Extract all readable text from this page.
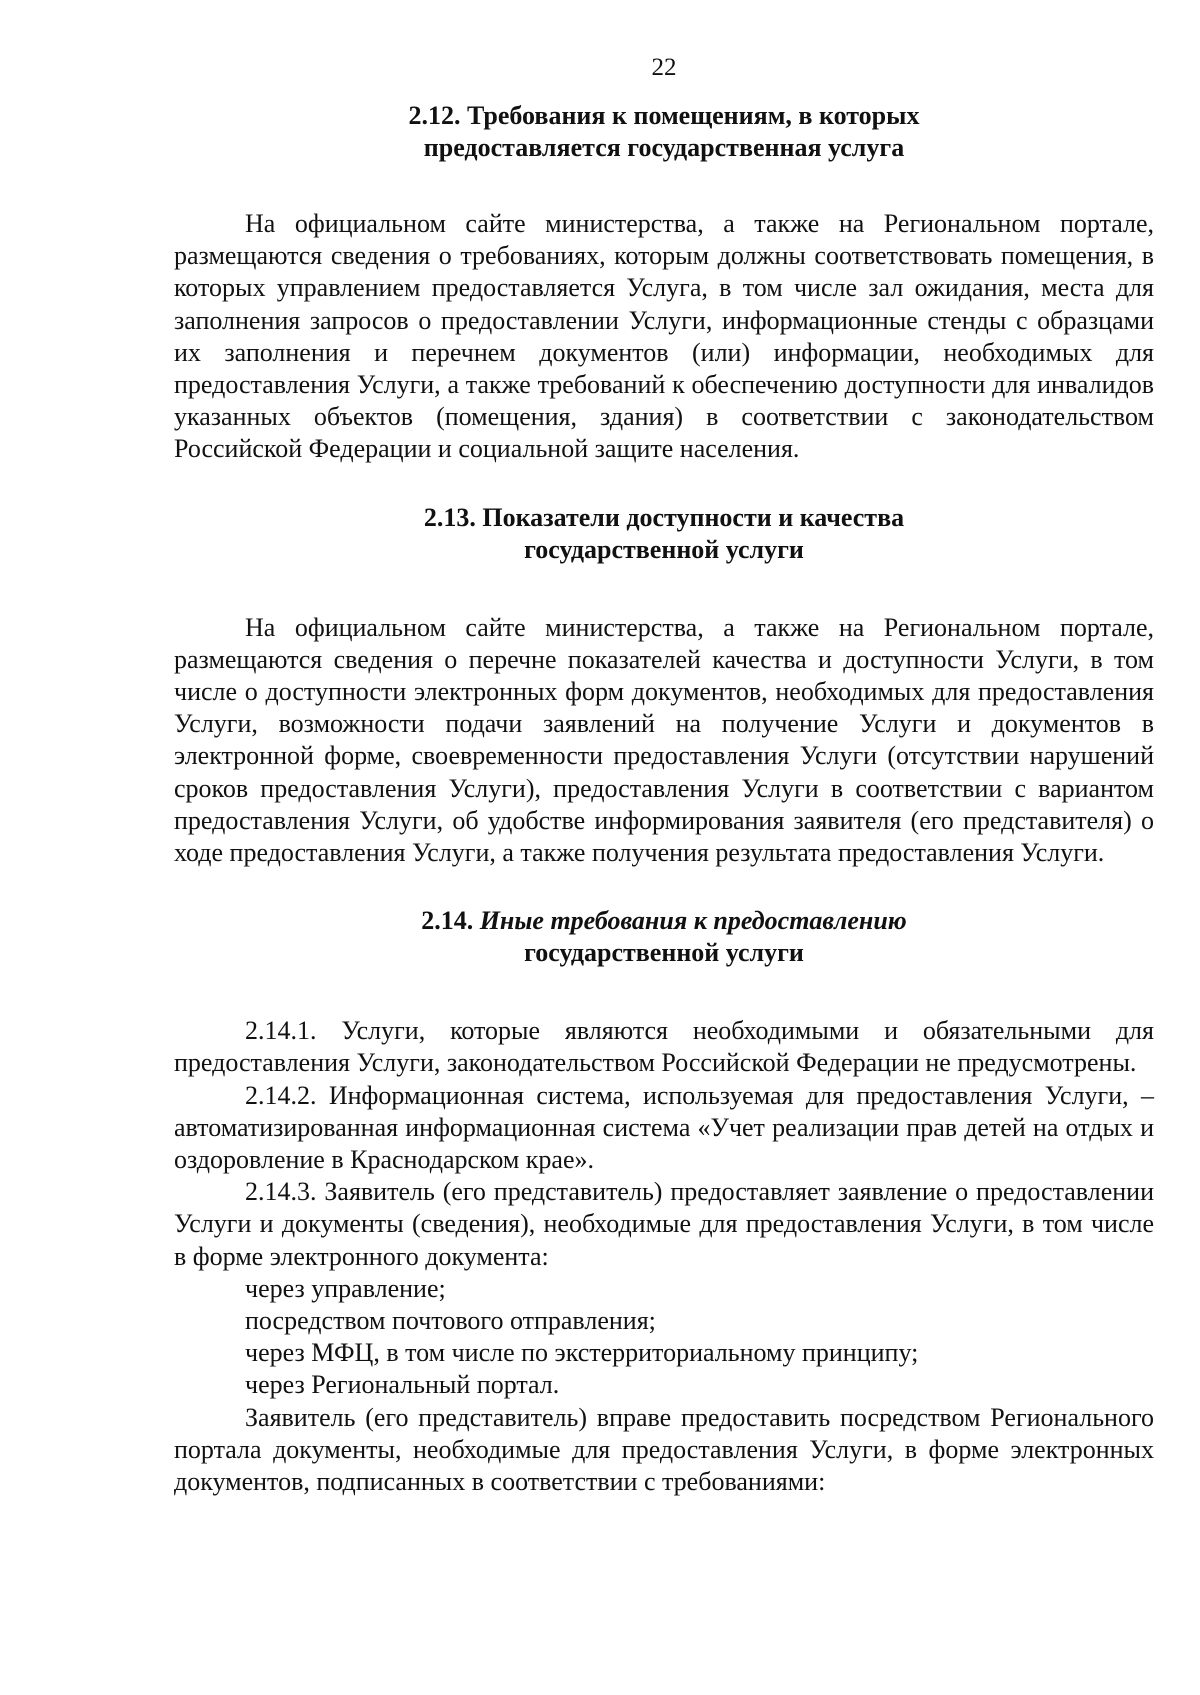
22
2.12. Требования к помещениям, в которых
предоставляется государственная услуга

На официальном сайте министерства, а также на Региональном портале, размещаются сведения о требованиях, которым должны соответствовать помещения, в которых управлением предоставляется Услуга, в том числе зал ожидания, места для заполнения запросов о предоставлении Услуги, информационные стенды с образцами их заполнения и перечнем документов (или) информации, необходимых для предоставления Услуги, а также требований к обеспечению доступности для инвалидов указанных объектов (помещения, здания) в соответствии с законодательством Российской Федерации и социальной защите населения.

2.13. Показатели доступности и качества
государственной услуги

На официальном сайте министерства, а также на Региональном портале, размещаются сведения о перечне показателей качества и доступности Услуги, в том числе о доступности электронных форм документов, необходимых для предоставления Услуги, возможности подачи заявлений на получение Услуги и документов в электронной форме, своевременности предоставления Услуги (отсутствии нарушений сроков предоставления Услуги), предоставления Услуги в соответствии с вариантом предоставления Услуги, об удобстве информирования заявителя (его представителя) о ходе предоставления Услуги, а также получения результата предоставления Услуги.

2.14. Иные требования к предоставлению
государственной услуги

2.14.1. Услуги, которые являются необходимыми и обязательными для предоставления Услуги, законодательством Российской Федерации не предусмотрены.

2.14.2. Информационная система, используемая для предоставления Услуги, – автоматизированная информационная система «Учет реализации прав детей на отдых и оздоровление в Краснодарском крае».

2.14.3. Заявитель (его представитель) предоставляет заявление о предоставлении Услуги и документы (сведения), необходимые для предоставления Услуги, в том числе в форме электронного документа:

через управление;

посредством почтового отправления;

через МФЦ, в том числе по экстерриториальному принципу;

через Региональный портал.

Заявитель (его представитель) вправе предоставить посредством Регионального портала документы, необходимые для предоставления Услуги, в форме электронных документов, подписанных в соответствии с требованиями:
